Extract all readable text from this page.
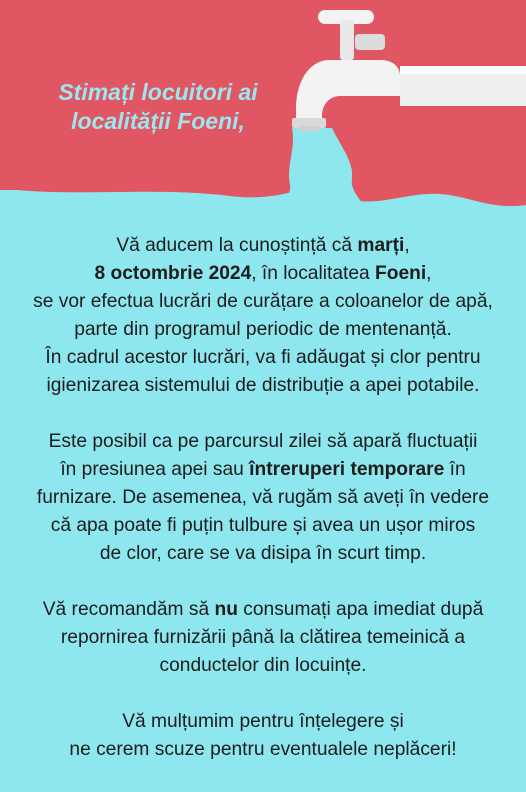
Stimați locuitori ai
localității Foeni,
Vă aducem la cunoștință că marți,
8 octombrie 2024, în localitatea Foeni,
se vor efectua lucrări de curățare a coloanelor de apă,
parte din programul periodic de mentenanță.
În cadrul acestor lucrări, va fi adăugat și clor pentru
igienizarea sistemului de distribuție a apei potabile.
Este posibil ca pe parcursul zilei să apară fluctuații
în presiunea apei sau întreruperi temporare în
furnizare. De asemenea, vă rugăm să aveți în vedere
că apa poate fi puțin tulbure și avea un ușor miros
de clor, care se va disipa în scurt timp.
Vă recomandăm să nu consumați apa imediat după
repornirea furnizării până la clătirea temeinică a
conductelor din locuințe.
Vă mulțumim pentru înțelegere și
ne cerem scuze pentru eventualele neplăceri!
